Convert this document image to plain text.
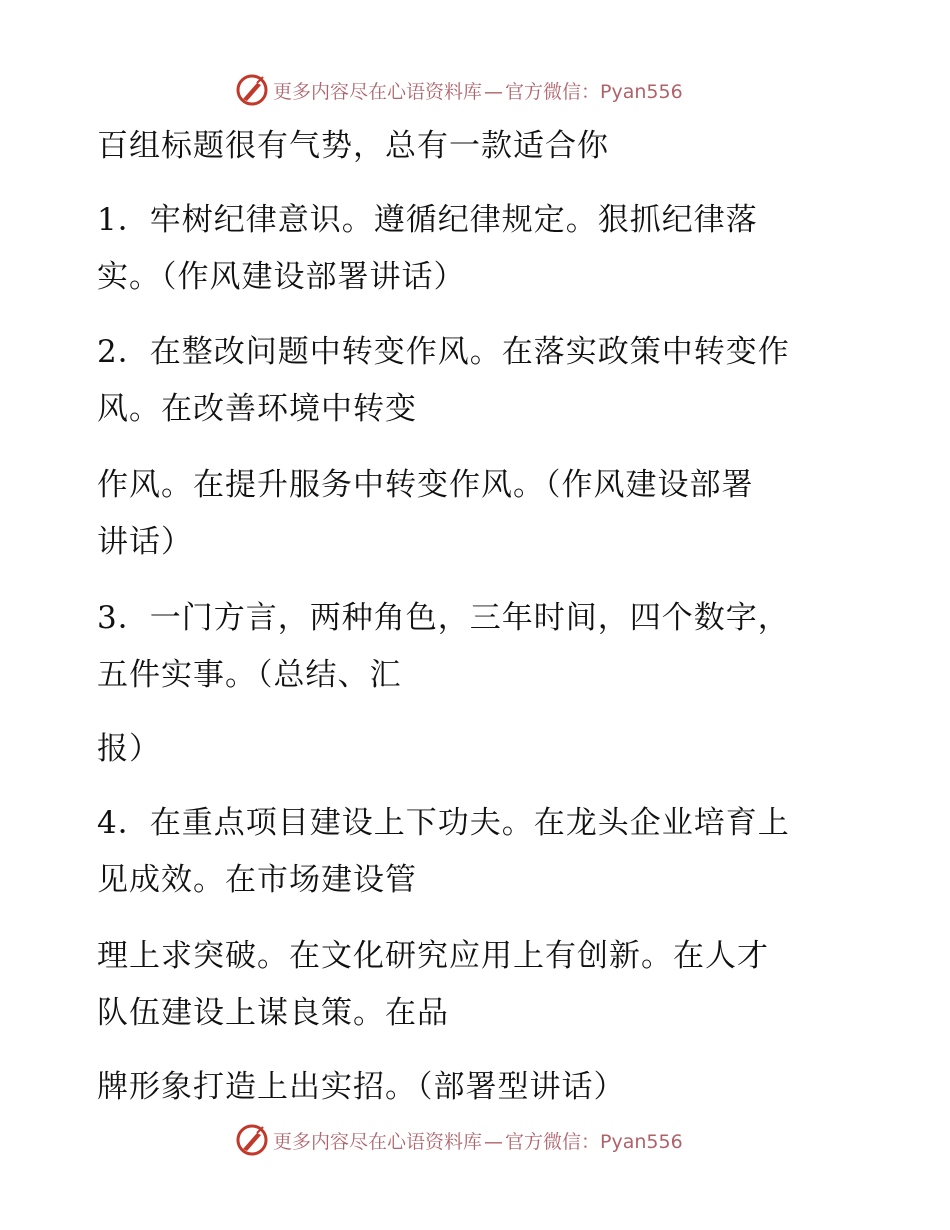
更多内容尽在心语资料库 — 官方微信：Pyan556
百组标题很有气势，总有一款适合你
1．牢树纪律意识。遵循纪律规定。狠抓纪律落
实。（作风建设部署讲话）
2．在整改问题中转变作风。在落实政策中转变作
风。在改善环境中转变
作风。在提升服务中转变作风。（作风建设部署
讲话）
3．一门方言，两种角色，三年时间，四个数字，
五件实事。（总结、汇
报）
4．在重点项目建设上下功夫。在龙头企业培育上
见成效。在市场建设管
理上求突破。在文化研究应用上有创新。在人才
队伍建设上谋良策。在品
牌形象打造上出实招。（部署型讲话）
更多内容尽在心语资料库 — 官方微信：Pyan556
